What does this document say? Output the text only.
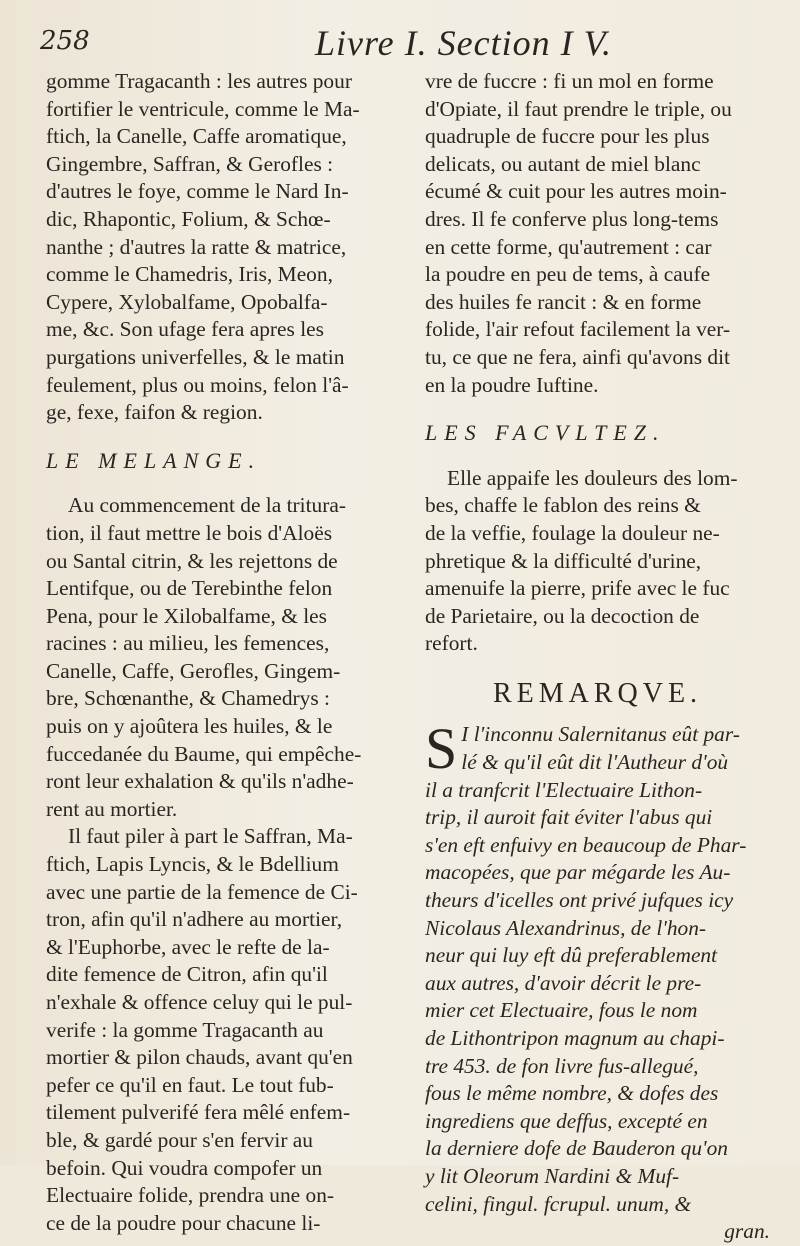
258	Livre I. Section I V.

gomme Tragacanth : les autres pour
fortifier le ventricule, comme le Ma-
ftich, la Canelle, Caffe aromatique,
Gingembre, Saffran, & Gerofles :
d'autres le foye, comme le Nard In-
dic, Rhapontic, Folium, & Schœ-
nanthe ; d'autres la ratte & matrice,
comme le Chamedris, Iris, Meon,
Cypere, Xylobalfame, Opobalfa-
me, &c. Son ufage fera apres les
purgations univerfelles, & le matin
feulement, plus ou moins, felon l'â-
ge, fexe, faifon & region.

LE MELANGE.

Au commencement de la tritura-
tion, il faut mettre le bois d'Aloës
ou Santal citrin, & les rejettons de
Lentifque, ou de Terebinthe felon
Pena, pour le Xilobalfame, & les
racines : au milieu, les femences,
Canelle, Caffe, Gerofles, Gingem-
bre, Schœnanthe, & Chamedrys :
puis on y ajoûtera les huiles, & le
fuccedanée du Baume, qui empêche-
ront leur exhalation & qu'ils n'adhe-
rent au mortier.

Il faut piler à part le Saffran, Ma-
ftich, Lapis Lyncis, & le Bdellium
avec une partie de la femence de Ci-
tron, afin qu'il n'adhere au mortier,
& l'Euphorbe, avec le refte de la-
dite femence de Citron, afin qu'il
n'exhale & offence celuy qui le pul-
verife : la gomme Tragacanth au
mortier & pilon chauds, avant qu'en
pefer ce qu'il en faut. Le tout fub-
tilement pulverifé fera mêlé enfem-
ble, & gardé pour s'en fervir au
befoin. Qui voudra compofer un
Electuaire folide, prendra une on-
ce de la poudre pour chacune li-

vre de fuccre : fi un mol en forme
d'Opiate, il faut prendre le triple, ou
quadruple de fuccre pour les plus
delicats, ou autant de miel blanc
écumé & cuit pour les autres moin-
dres. Il fe conferve plus long-tems
en cette forme, qu'autrement : car
la poudre en peu de tems, à caufe
des huiles fe rancit : & en forme
folide, l'air refout facilement la ver-
tu, ce que ne fera, ainfi qu'avons dit
en la poudre Iuftine.

LES FACVLTEZ.

Elle appaife les douleurs des lom-
bes, chaffe le fablon des reins &
de la veffie, foulage la douleur ne-
phretique & la difficulté d'urine,
amenuife la pierre, prife avec le fuc
de Parietaire, ou la decoction de
refort.

REMARQVE.

S I l'inconnu Salernitanus eût par-
lé & qu'il eût dit l'Autheur d'où
il a tranfcrit l'Electuaire Lithon-
trip, il auroit fait éviter l'abus qui
s'en eft enfuivy en beaucoup de Phar-
macopées, que par mégarde les Au-
theurs d'icelles ont privé jufques icy
Nicolaus Alexandrinus, de l'hon-
neur qui luy eft dû preferablement
aux autres, d'avoir décrit le pre-
mier cet Electuaire, fous le nom
de Lithontripon magnum au chapi-
tre 453. de fon livre fus-allegué,
fous le même nombre, & dofes des
ingrediens que deffus, excepté en
la derniere dofe de Bauderon qu'on
y lit Oleorum Nardini & Muf-
celini, fingul. fcrupul. unum, &

gran.
